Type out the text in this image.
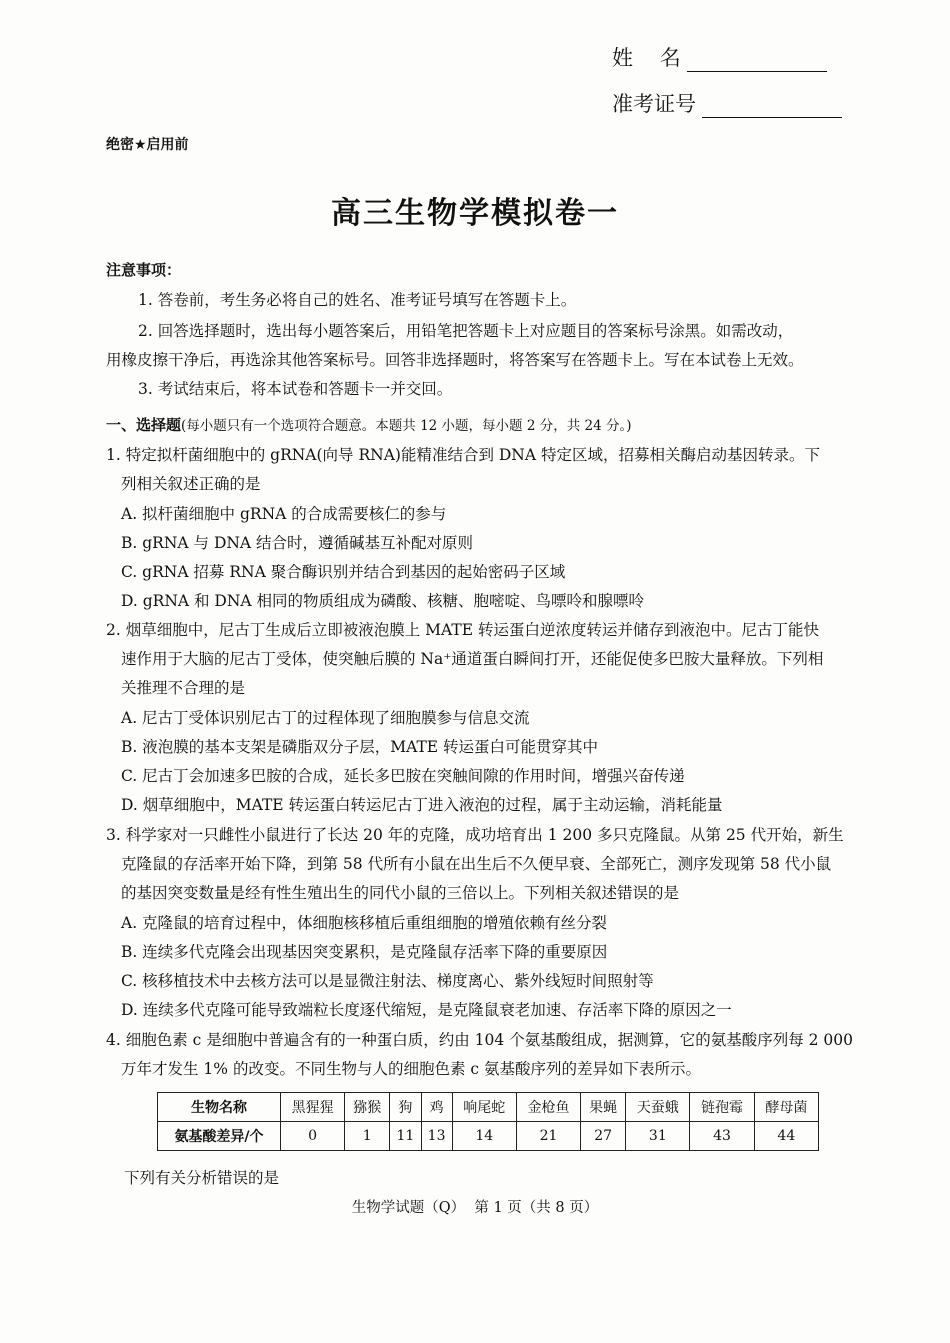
姓    名
准考证号
绝密★启用前
高三生物学模拟卷一
注意事项：
1. 答卷前，考生务必将自己的姓名、准考证号填写在答题卡上。
2. 回答选择题时，选出每小题答案后，用铅笔把答题卡上对应题目的答案标号涂黑。如需改动，
用橡皮擦干净后，再选涂其他答案标号。回答非选择题时，将答案写在答题卡上。写在本试卷上无效。
3. 考试结束后，将本试卷和答题卡一并交回。
一、选择题(每小题只有一个选项符合题意。本题共 12 小题，每小题 2 分，共 24 分。)
1. 特定拟杆菌细胞中的 gRNA(向导 RNA)能精准结合到 DNA 特定区域，招募相关酶启动基因转录。下
列相关叙述正确的是
A. 拟杆菌细胞中 gRNA 的合成需要核仁的参与
B. gRNA 与 DNA 结合时，遵循碱基互补配对原则
C. gRNA 招募 RNA 聚合酶识别并结合到基因的起始密码子区域
D. gRNA 和 DNA 相同的物质组成为磷酸、核糖、胞嘧啶、鸟嘌呤和腺嘌呤
2. 烟草细胞中，尼古丁生成后立即被液泡膜上 MATE 转运蛋白逆浓度转运并储存到液泡中。尼古丁能快
速作用于大脑的尼古丁受体，使突触后膜的 Na⁺通道蛋白瞬间打开，还能促使多巴胺大量释放。下列相
关推理不合理的是
A. 尼古丁受体识别尼古丁的过程体现了细胞膜参与信息交流
B. 液泡膜的基本支架是磷脂双分子层，MATE 转运蛋白可能贯穿其中
C. 尼古丁会加速多巴胺的合成，延长多巴胺在突触间隙的作用时间，增强兴奋传递
D. 烟草细胞中，MATE 转运蛋白转运尼古丁进入液泡的过程，属于主动运输，消耗能量
3. 科学家对一只雌性小鼠进行了长达 20 年的克隆，成功培育出 1 200 多只克隆鼠。从第 25 代开始，新生
克隆鼠的存活率开始下降，到第 58 代所有小鼠在出生后不久便早衰、全部死亡，测序发现第 58 代小鼠
的基因突变数量是经有性生殖出生的同代小鼠的三倍以上。下列相关叙述错误的是
A. 克隆鼠的培育过程中，体细胞核移植后重组细胞的增殖依赖有丝分裂
B. 连续多代克隆会出现基因突变累积，是克隆鼠存活率下降的重要原因
C. 核移植技术中去核方法可以是显微注射法、梯度离心、紫外线短时间照射等
D. 连续多代克隆可能导致端粒长度逐代缩短，是克隆鼠衰老加速、存活率下降的原因之一
4. 细胞色素 c 是细胞中普遍含有的一种蛋白质，约由 104 个氨基酸组成，据测算，它的氨基酸序列每 2 000
万年才发生 1% 的改变。不同生物与人的细胞色素 c 氨基酸序列的差异如下表所示。
生物名称	黑猩猩	猕猴	狗	鸡	响尾蛇	金枪鱼	果蝇	天蚕蛾	链孢霉	酵母菌
氨基酸差异/个	0	1	11	13	14	21	27	31	43	44
下列有关分析错误的是
生物学试题（Q）  第 1 页（共 8 页）
